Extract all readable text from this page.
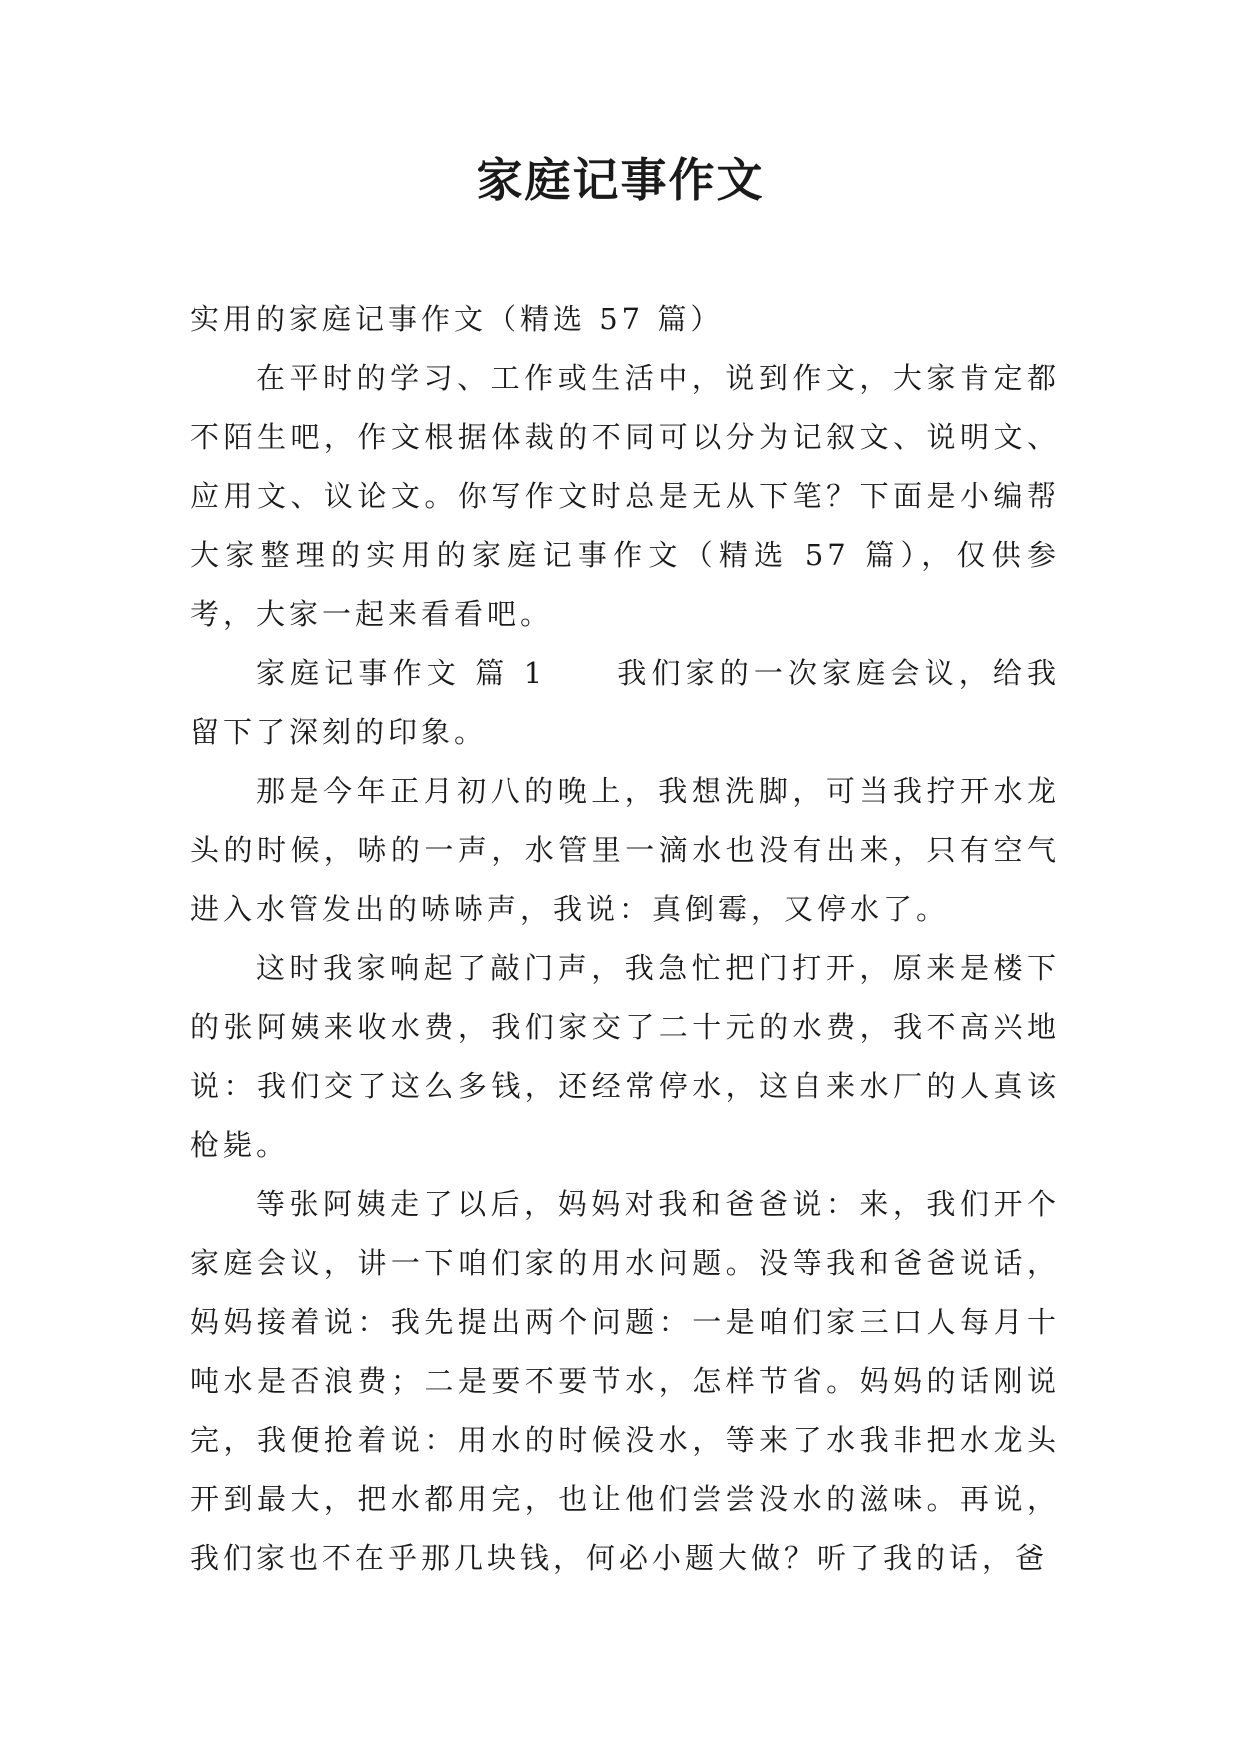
家庭记事作文

实用的家庭记事作文（精选 57 篇）

在平时的学习、工作或生活中，说到作文，大家肯定都不陌生吧，作文根据体裁的不同可以分为记叙文、说明文、应用文、议论文。你写作文时总是无从下笔？下面是小编帮大家整理的实用的家庭记事作文（精选 57 篇），仅供参考，大家一起来看看吧。

家庭记事作文 篇 1 我们家的一次家庭会议，给我留下了深刻的印象。

那是今年正月初八的晚上，我想洗脚，可当我拧开水龙头的时候，哧的一声，水管里一滴水也没有出来，只有空气进入水管发出的哧哧声，我说：真倒霉，又停水了。

这时我家响起了敲门声，我急忙把门打开，原来是楼下的张阿姨来收水费，我们家交了二十元的水费，我不高兴地说：我们交了这么多钱，还经常停水，这自来水厂的人真该枪毙。

等张阿姨走了以后，妈妈对我和爸爸说：来，我们开个家庭会议，讲一下咱们家的用水问题。没等我和爸爸说话，妈妈接着说：我先提出两个问题：一是咱们家三口人每月十吨水是否浪费；二是要不要节水，怎样节省。妈妈的话刚说完，我便抢着说：用水的时候没水，等来了水我非把水龙头开到最大，把水都用完，也让他们尝尝没水的滋味。再说，我们家也不在乎那几块钱，何必小题大做？听了我的话，爸
